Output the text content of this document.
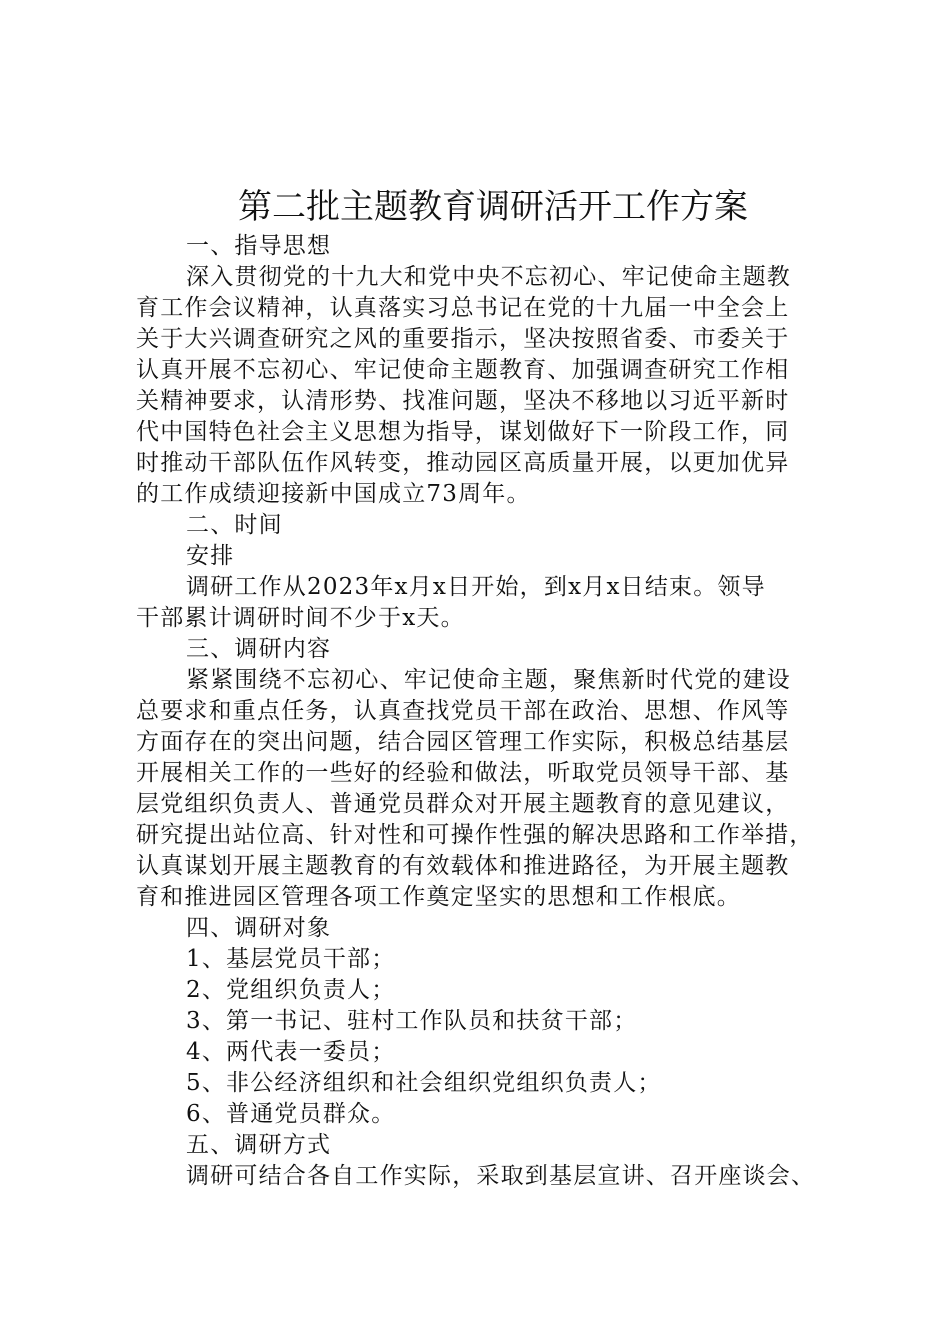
第二批主题教育调研活开工作方案

一、指导思想

深入贯彻党的十九大和党中央不忘初心、牢记使命主题教

育工作会议精神，认真落实习总书记在党的十九届一中全会上

关于大兴调查研究之风的重要指示，坚决按照省委、市委关于

认真开展不忘初心、牢记使命主题教育、加强调查研究工作相

关精神要求，认清形势、找准问题，坚决不移地以习近平新时

代中国特色社会主义思想为指导，谋划做好下一阶段工作，同

时推动干部队伍作风转变，推动园区高质量开展，以更加优异

的工作成绩迎接新中国成立73周年。

二、时间

安排

调研工作从2023年x月x日开始，到x月x日结束。领导

干部累计调研时间不少于x天。

三、调研内容

紧紧围绕不忘初心、牢记使命主题，聚焦新时代党的建设

总要求和重点任务，认真查找党员干部在政治、思想、作风等

方面存在的突出问题，结合园区管理工作实际，积极总结基层

开展相关工作的一些好的经验和做法，听取党员领导干部、基

层党组织负责人、普通党员群众对开展主题教育的意见建议，

研究提出站位高、针对性和可操作性强的解决思路和工作举措，

认真谋划开展主题教育的有效载体和推进路径，为开展主题教

育和推进园区管理各项工作奠定坚实的思想和工作根底。

四、调研对象

1、基层党员干部；

2、党组织负责人；

3、第一书记、驻村工作队员和扶贫干部；

4、两代表一委员；

5、非公经济组织和社会组织党组织负责人；

6、普通党员群众。

五、调研方式

调研可结合各自工作实际，采取到基层宣讲、召开座谈会、
